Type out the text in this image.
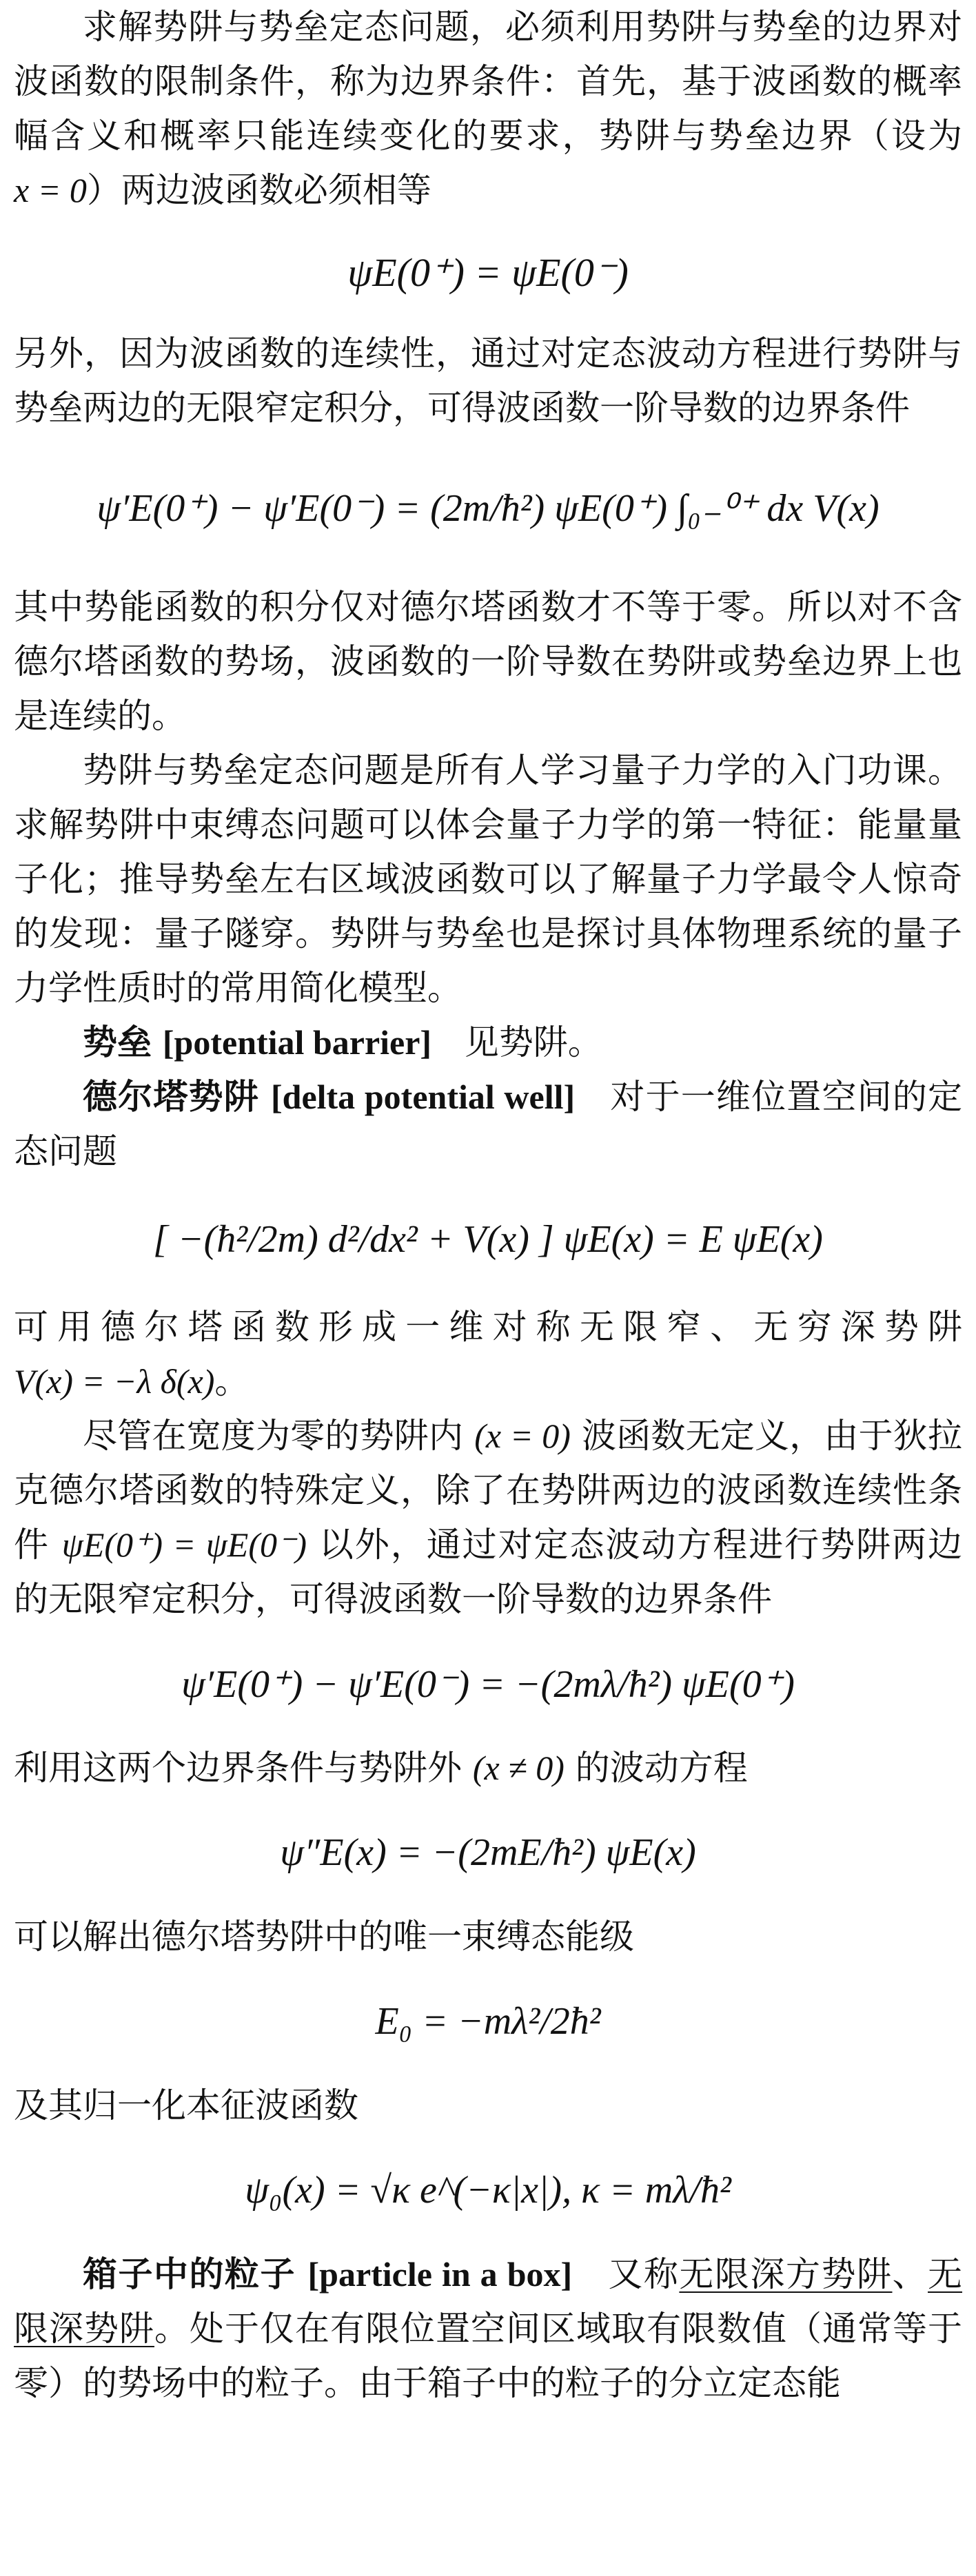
求解势阱与势垒定态问题，必须利用势阱与势垒的边界对波函数的限制条件，称为边界条件：首先，基于波函数的概率幅含义和概率只能连续变化的要求，势阱与势垒边界（设为x = 0）两边波函数必须相等

ψE(0⁺) = ψE(0⁻)

另外，因为波函数的连续性，通过对定态波动方程进行势阱与势垒两边的无限窄定积分，可得波函数一阶导数的边界条件

ψ′E(0⁺) − ψ′E(0⁻) = (2m/ħ²) ψE(0⁺) ∫₀₋⁰⁺ dx V(x)

其中势能函数的积分仅对德尔塔函数才不等于零。所以对不含德尔塔函数的势场，波函数的一阶导数在势阱或势垒边界上也是连续的。

势阱与势垒定态问题是所有人学习量子力学的入门功课。求解势阱中束缚态问题可以体会量子力学的第一特征：能量量子化；推导势垒左右区域波函数可以了解量子力学最令人惊奇的发现：量子隧穿。势阱与势垒也是探讨具体物理系统的量子力学性质时的常用简化模型。

势垒 [potential barrier] 见势阱。

德尔塔势阱 [delta potential well] 对于一维位置空间的定态问题

[ −(ħ²/2m) d²/dx² + V(x) ] ψE(x) = E ψE(x)

可用德尔塔函数形成一维对称无限窄、无穷深势阱 V(x) = −λ δ(x)。

尽管在宽度为零的势阱内 (x = 0) 波函数无定义，由于狄拉克德尔塔函数的特殊定义，除了在势阱两边的波函数连续性条件 ψE(0⁺) = ψE(0⁻) 以外，通过对定态波动方程进行势阱两边的无限窄定积分，可得波函数一阶导数的边界条件

ψ′E(0⁺) − ψ′E(0⁻) = −(2mλ/ħ²) ψE(0⁺)

利用这两个边界条件与势阱外 (x ≠ 0) 的波动方程

ψ″E(x) = −(2mE/ħ²) ψE(x)

可以解出德尔塔势阱中的唯一束缚态能级

E₀ = −mλ²/2ħ²

及其归一化本征波函数

ψ₀(x) = √κ e^(−κ|x|), κ = mλ/ħ²

箱子中的粒子 [particle in a box] 又称无限深方势阱、无限深势阱。处于仅在有限位置空间区域取有限数值（通常等于零）的势场中的粒子。由于箱子中的粒子的分立定态能
